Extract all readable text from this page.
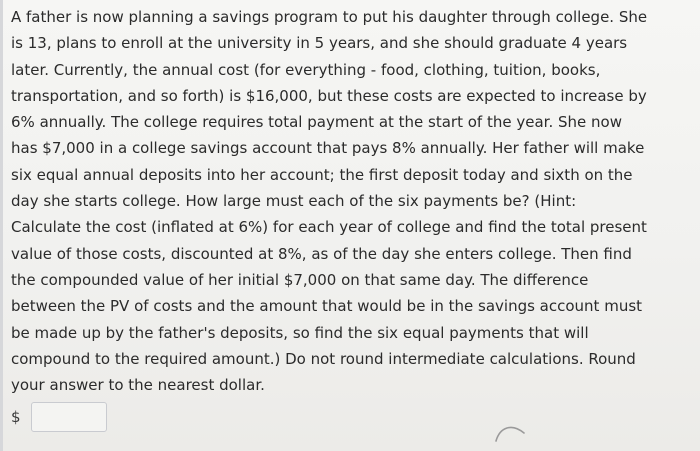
A father is now planning a savings program to put his daughter through college. She
is 13, plans to enroll at the university in 5 years, and she should graduate 4 years
later. Currently, the annual cost (for everything - food, clothing, tuition, books,
transportation, and so forth) is $16,000, but these costs are expected to increase by
6% annually. The college requires total payment at the start of the year. She now
has $7,000 in a college savings account that pays 8% annually. Her father will make
six equal annual deposits into her account; the first deposit today and sixth on the
day she starts college. How large must each of the six payments be? (Hint:
Calculate the cost (inflated at 6%) for each year of college and find the total present
value of those costs, discounted at 8%, as of the day she enters college. Then find
the compounded value of her initial $7,000 on that same day. The difference
between the PV of costs and the amount that would be in the savings account must
be made up by the father's deposits, so find the six equal payments that will
compound to the required amount.) Do not round intermediate calculations. Round
your answer to the nearest dollar.

$
